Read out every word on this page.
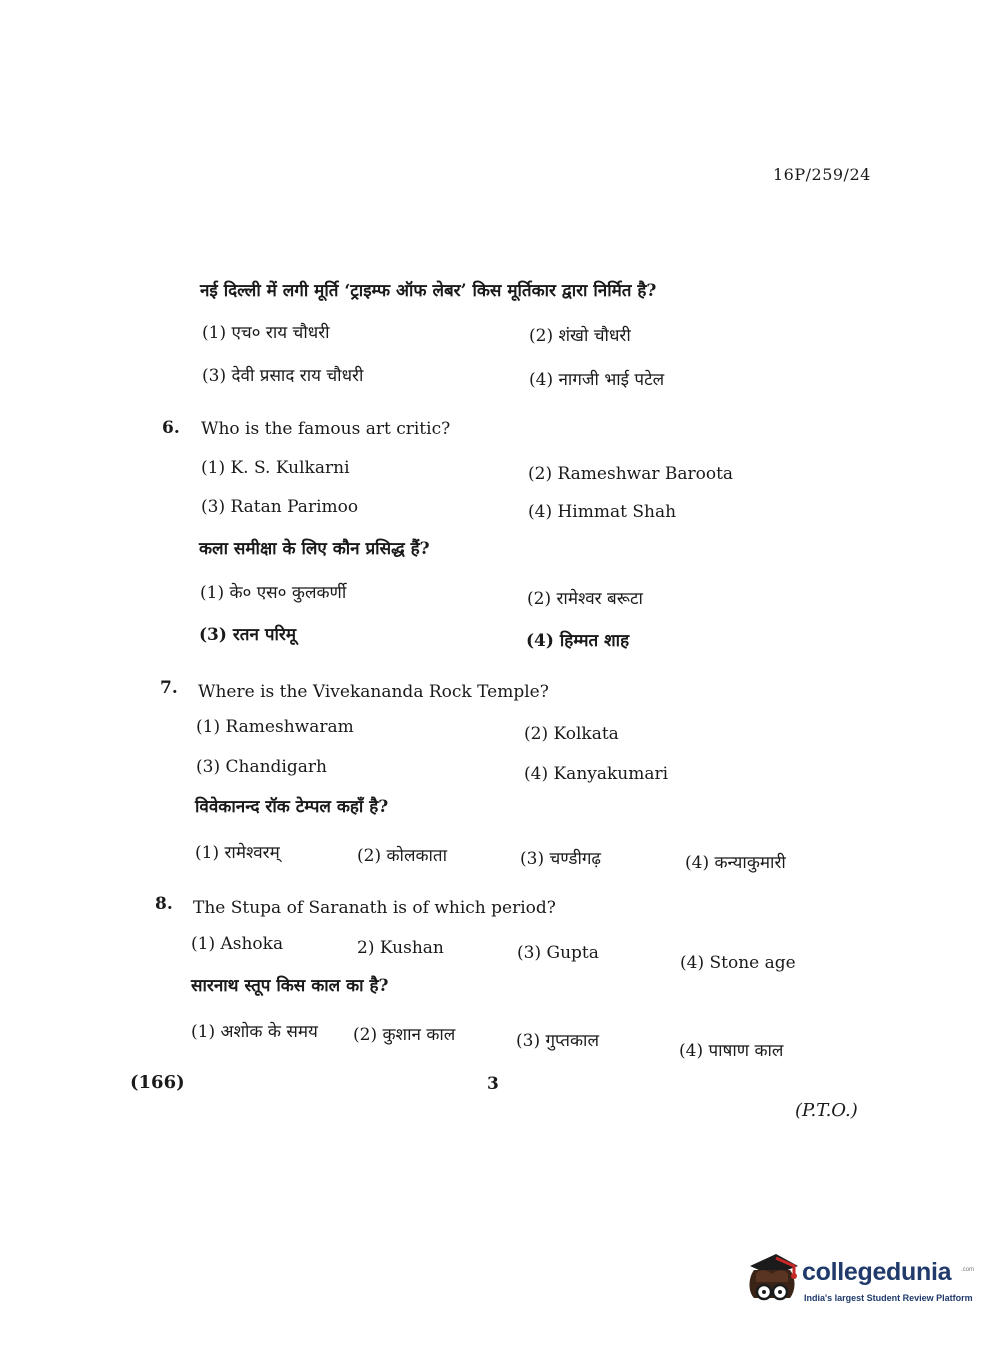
16P/259/24
नई दिल्ली में लगी मूर्ति ‘ट्राइम्फ ऑफ लेबर’ किस मूर्तिकार द्वारा निर्मित है?
(1) एच० राय चौधरी	(2) शंखो चौधरी
(3) देवी प्रसाद राय चौधरी	(4) नागजी भाई पटेल
6. Who is the famous art critic?
(1) K. S. Kulkarni	(2) Rameshwar Baroota
(3) Ratan Parimoo	(4) Himmat Shah
कला समीक्षा के लिए कौन प्रसिद्ध हैं?
(1) के० एस० कुलकर्णी	(2) रामेश्वर बरूटा
(3) रतन परिमू	(4) हिम्मत शाह
7. Where is the Vivekananda Rock Temple?
(1) Rameshwaram	(2) Kolkata
(3) Chandigarh	(4) Kanyakumari
विवेकानन्द रॉक टेम्पल कहाँ है?
(1) रामेश्वरम्	(2) कोलकाता	(3) चण्डीगढ़	(4) कन्याकुमारी
8. The Stupa of Saranath is of which period?
(1) Ashoka	2) Kushan	(3) Gupta	(4) Stone age
सारनाथ स्तूप किस काल का है?
(1) अशोक के समय (2) कुशान काल	(3) गुप्तकाल	(4) पाषाण काल
(166)	3
(P.T.O.)
collegedunia .com
India's largest Student Review Platform
